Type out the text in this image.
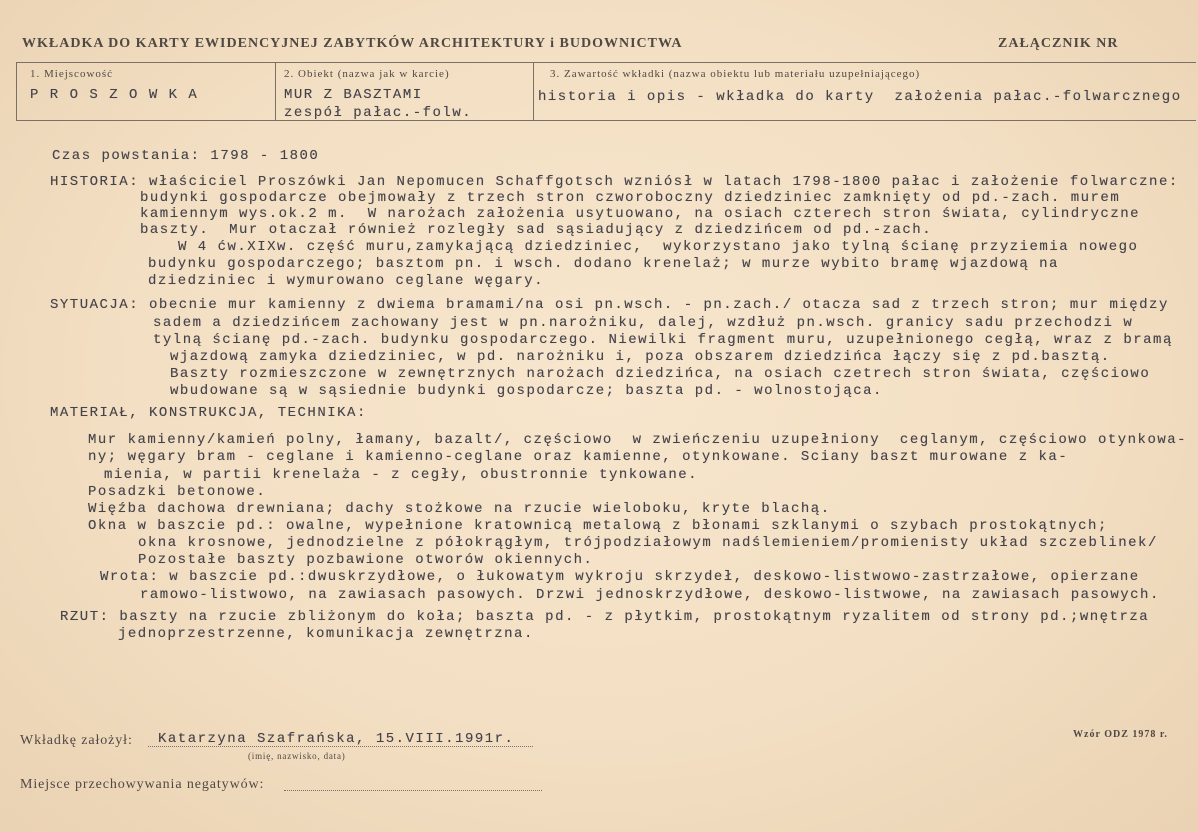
WKŁADKA DO KARTY EWIDENCYJNEJ ZABYTKÓW ARCHITEKTURY i BUDOWNICTWA	ZAŁĄCZNIK NR
1. Miejscowość
P R O S Z O W K A
2. Obiekt (nazwa jak w karcie)
MUR Z BASZTAMI
zespół pałac.-folw.
3. Zawartość wkładki (nazwa obiektu lub materiału uzupełniającego)
historia i opis - wkładka do karty  założenia pałac.-folwarcznego
Czas powstania: 1798 - 1800
HISTORIA: właściciel Proszówki Jan Nepomucen Schaffgotsch wzniósł w latach 1798-1800 pałac i założenie folwarczne:
budynki gospodarcze obejmowały z trzech stron czworoboczny dziedziniec zamknięty od pd.-zach. murem
kamiennym wys.ok.2 m.  W narożach założenia usytuowano, na osiach czterech stron świata, cylindryczne
baszty.  Mur otaczał również rozległy sad sąsiadujący z dziedzińcem od pd.-zach.
W 4 ćw.XIXw. część muru,zamykającą dziedziniec,  wykorzystano jako tylną ścianę przyziemia nowego
budynku gospodarczego; basztom pn. i wsch. dodano krenelaż; w murze wybito bramę wjazdową na
dziedziniec i wymurowano ceglane węgary.
SYTUACJA: obecnie mur kamienny z dwiema bramami/na osi pn.wsch. - pn.zach./ otacza sad z trzech stron; mur między
sadem a dziedzińcem zachowany jest w pn.narożniku, dalej, wzdłuż pn.wsch. granicy sadu przechodzi w
tylną ścianę pd.-zach. budynku gospodarczego. Niewilki fragment muru, uzupełnionego cegłą, wraz z bramą
wjazdową zamyka dziedziniec, w pd. narożniku i, poza obszarem dziedzińca łączy się z pd.basztą.
Baszty rozmieszczone w zewnętrznych narożach dziedzińca, na osiach czetrech stron świata, częściowo
wbudowane są w sąsiednie budynki gospodarcze; baszta pd. - wolnostojąca.
MATERIAŁ, KONSTRUKCJA, TECHNIKA:
Mur kamienny/kamień polny, łamany, bazalt/, częściowo  w zwieńczeniu uzupełniony  ceglanym, częściowo otynkowa-
ny; węgary bram - ceglane i kamienno-ceglane oraz kamienne, otynkowane. Sciany baszt murowane z ka-
mienia, w partii krenelaża - z cegły, obustronnie tynkowane.
Posadzki betonowe.
Więźba dachowa drewniana; dachy stożkowe na rzucie wieloboku, kryte blachą.
Okna w baszcie pd.: owalne, wypełnione kratownicą metalową z błonami szklanymi o szybach prostokątnych;
okna krosnowe, jednodzielne z półokrągłym, trójpodziałowym nadślemieniem/promienisty układ szczeblinek/
Pozostałe baszty pozbawione otworów okiennych.
Wrota: w baszcie pd.:dwuskrzydłowe, o łukowatym wykroju skrzydeł, deskowo-listwowo-zastrzałowe, opierzane
ramowo-listwowo, na zawiasach pasowych. Drzwi jednoskrzydłowe, deskowo-listwowe, na zawiasach pasowych.
RZUT: baszty na rzucie zbliżonym do koła; baszta pd. - z płytkim, prostokątnym ryzalitem od strony pd.;wnętrza
jednoprzestrzenne, komunikacja zewnętrzna.
Wkładkę założył: Katarzyna Szafrańska, 15.VIII.1991r.
(imię, nazwisko, data)
Wzór ODZ 1978 r.
Miejsce przechowywania negatywów:
